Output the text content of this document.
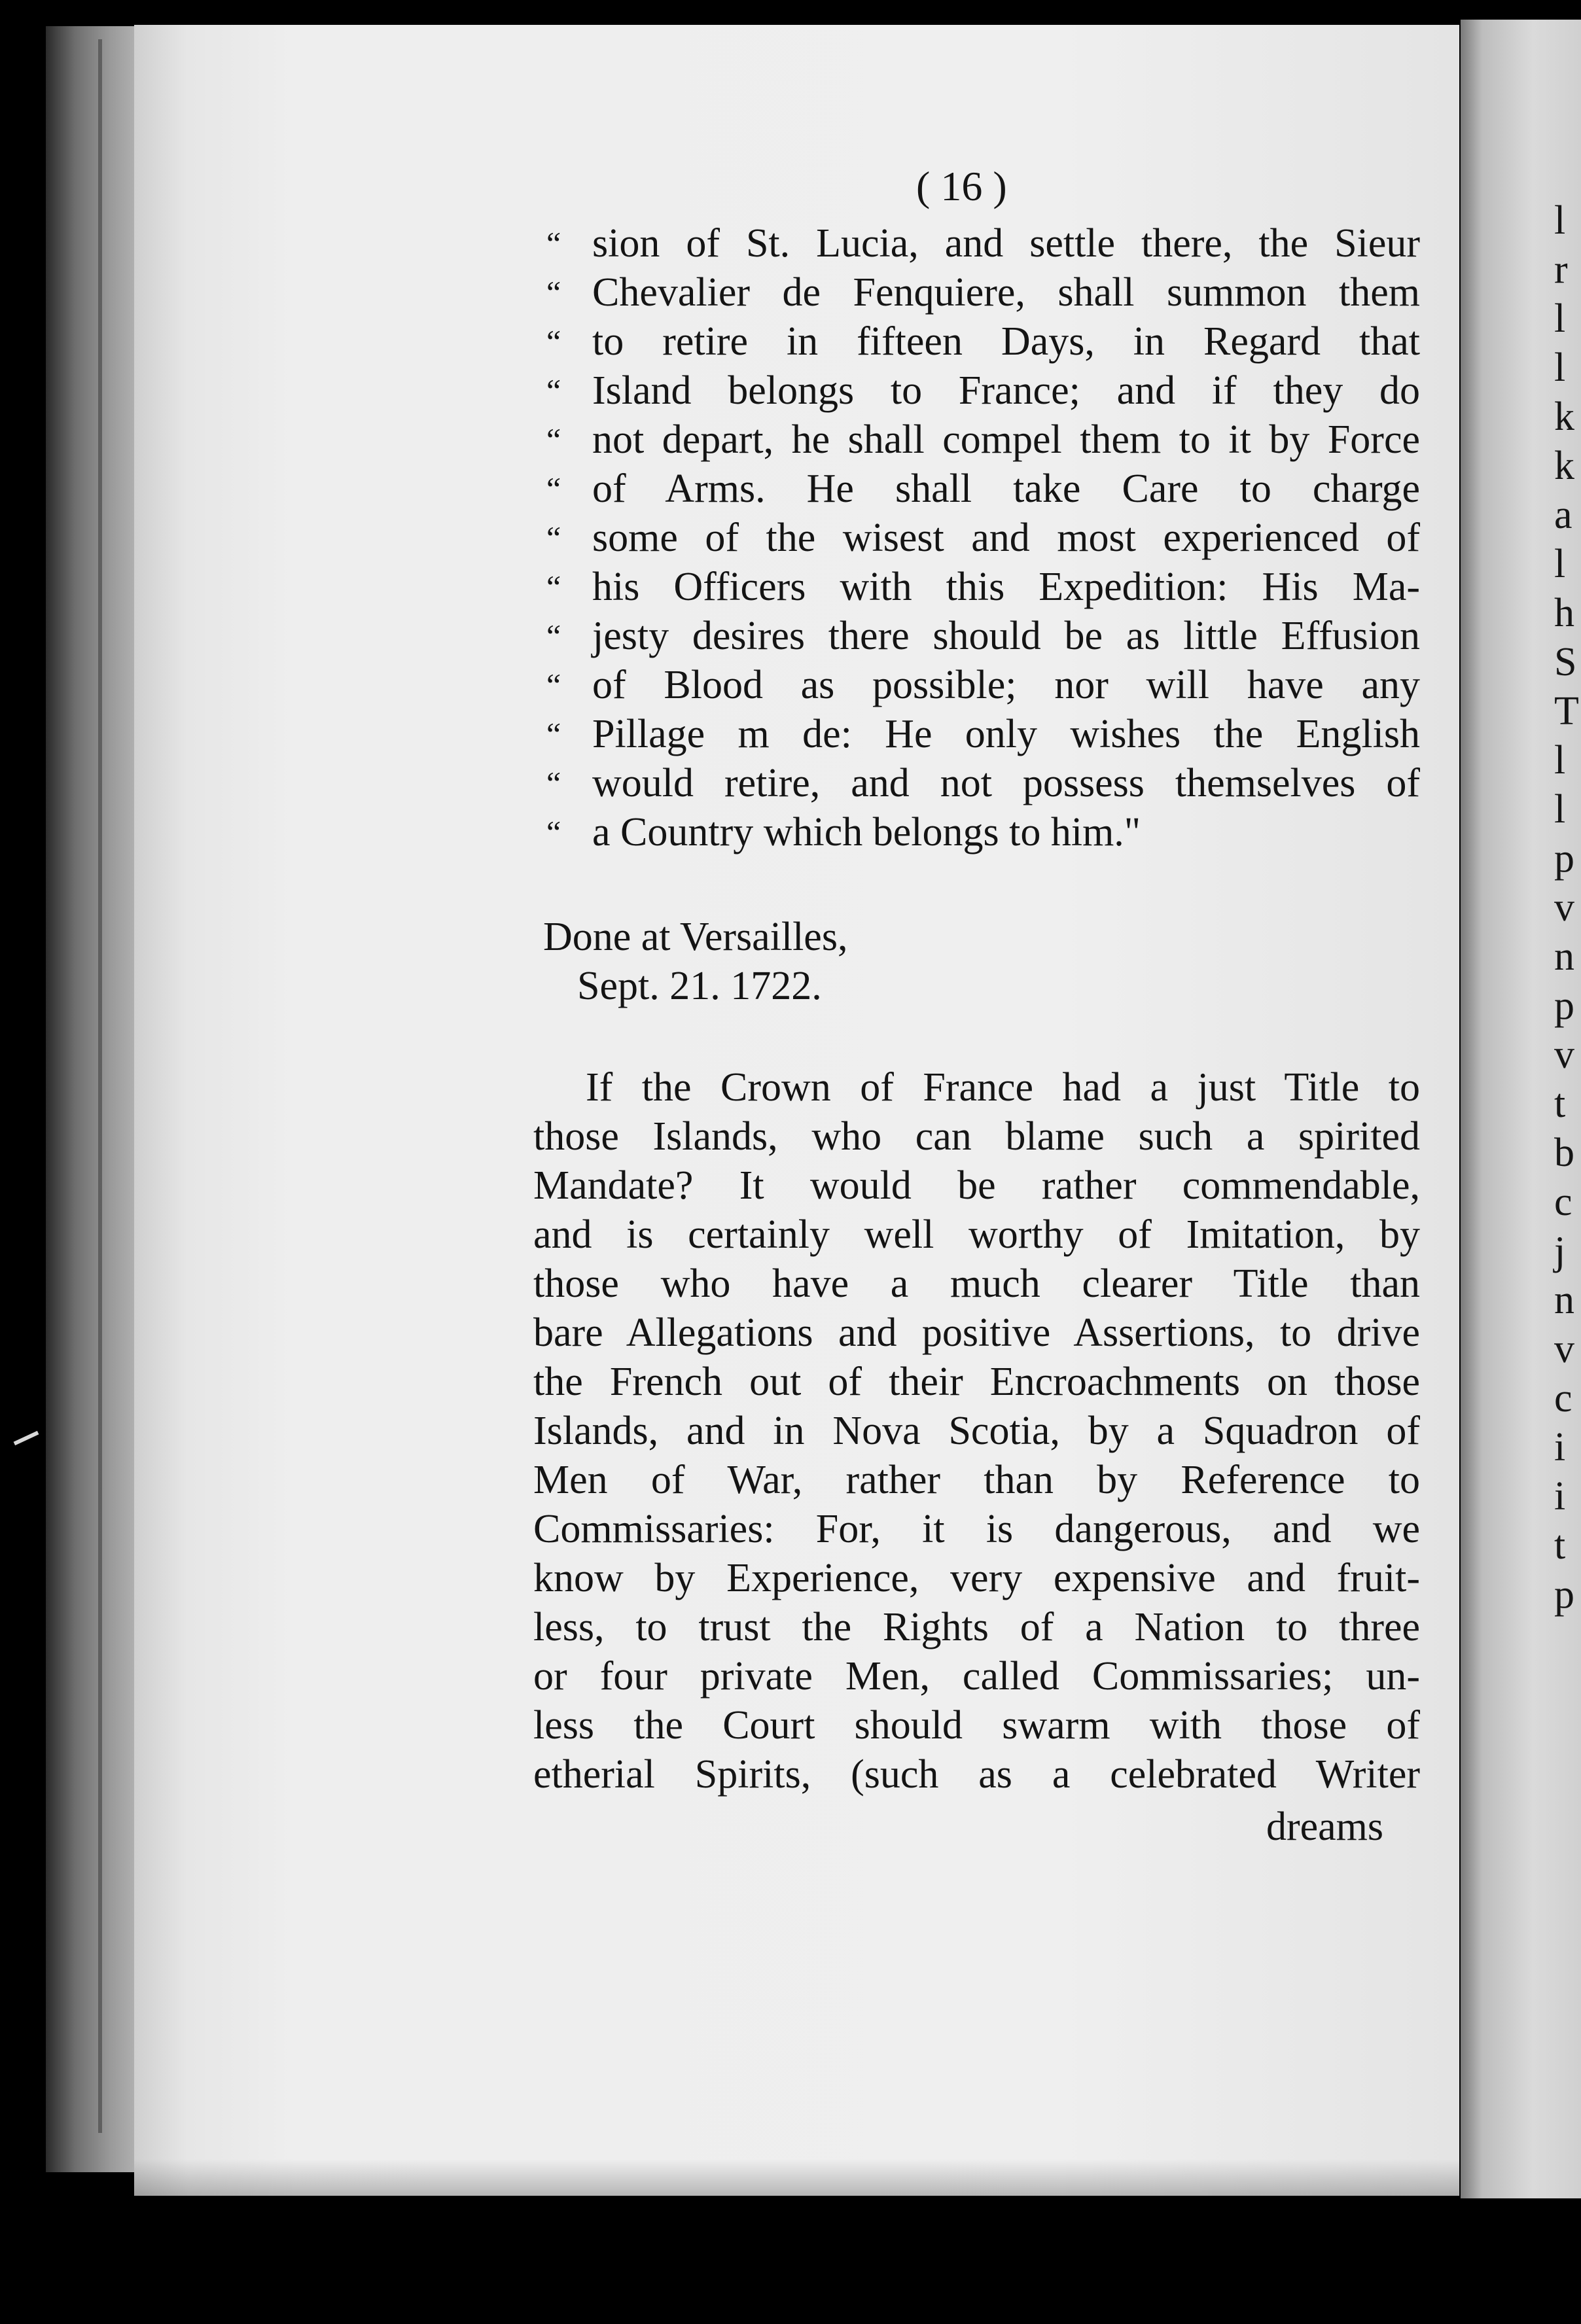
l
r
l
l
k
k
a
l
h
S
T
l
l
p
v
n
p
v
t
b
c
j
n
v
c
i
i
t
p
( 16 )
“ sion of St. Lucia, and settle there, the Sieur
“ Chevalier de Fenquiere, shall summon them
“ to retire in fifteen Days, in Regard that
“ Island belongs to France; and if they do
“ not depart, he shall compel them to it by Force
“ of Arms. He shall take Care to charge
“ some of the wisest and most experienced of
“ his Officers with this Expedition: His Ma-
“ jesty desires there should be as little Effusion
“ of Blood as possible; nor will have any
“ Pillage m de: He only wishes the English
“ would retire, and not possess themselves of
“ a Country which belongs to him."
Done at Versailles,
Sept. 21. 1722.
If the Crown of France had a just Title to
those Islands, who can blame such a spirited
Mandate? It would be rather commendable,
and is certainly well worthy of Imitation, by
those who have a much clearer Title than
bare Allegations and positive Assertions, to drive
the French out of their Encroachments on those
Islands, and in Nova Scotia, by a Squadron of
Men of War, rather than by Reference to
Commissaries: For, it is dangerous, and we
know by Experience, very expensive and fruit-
less, to trust the Rights of a Nation to three
or four private Men, called Commissaries; un-
less the Court should swarm with those of
etherial Spirits, (such as a celebrated Writer
dreams
